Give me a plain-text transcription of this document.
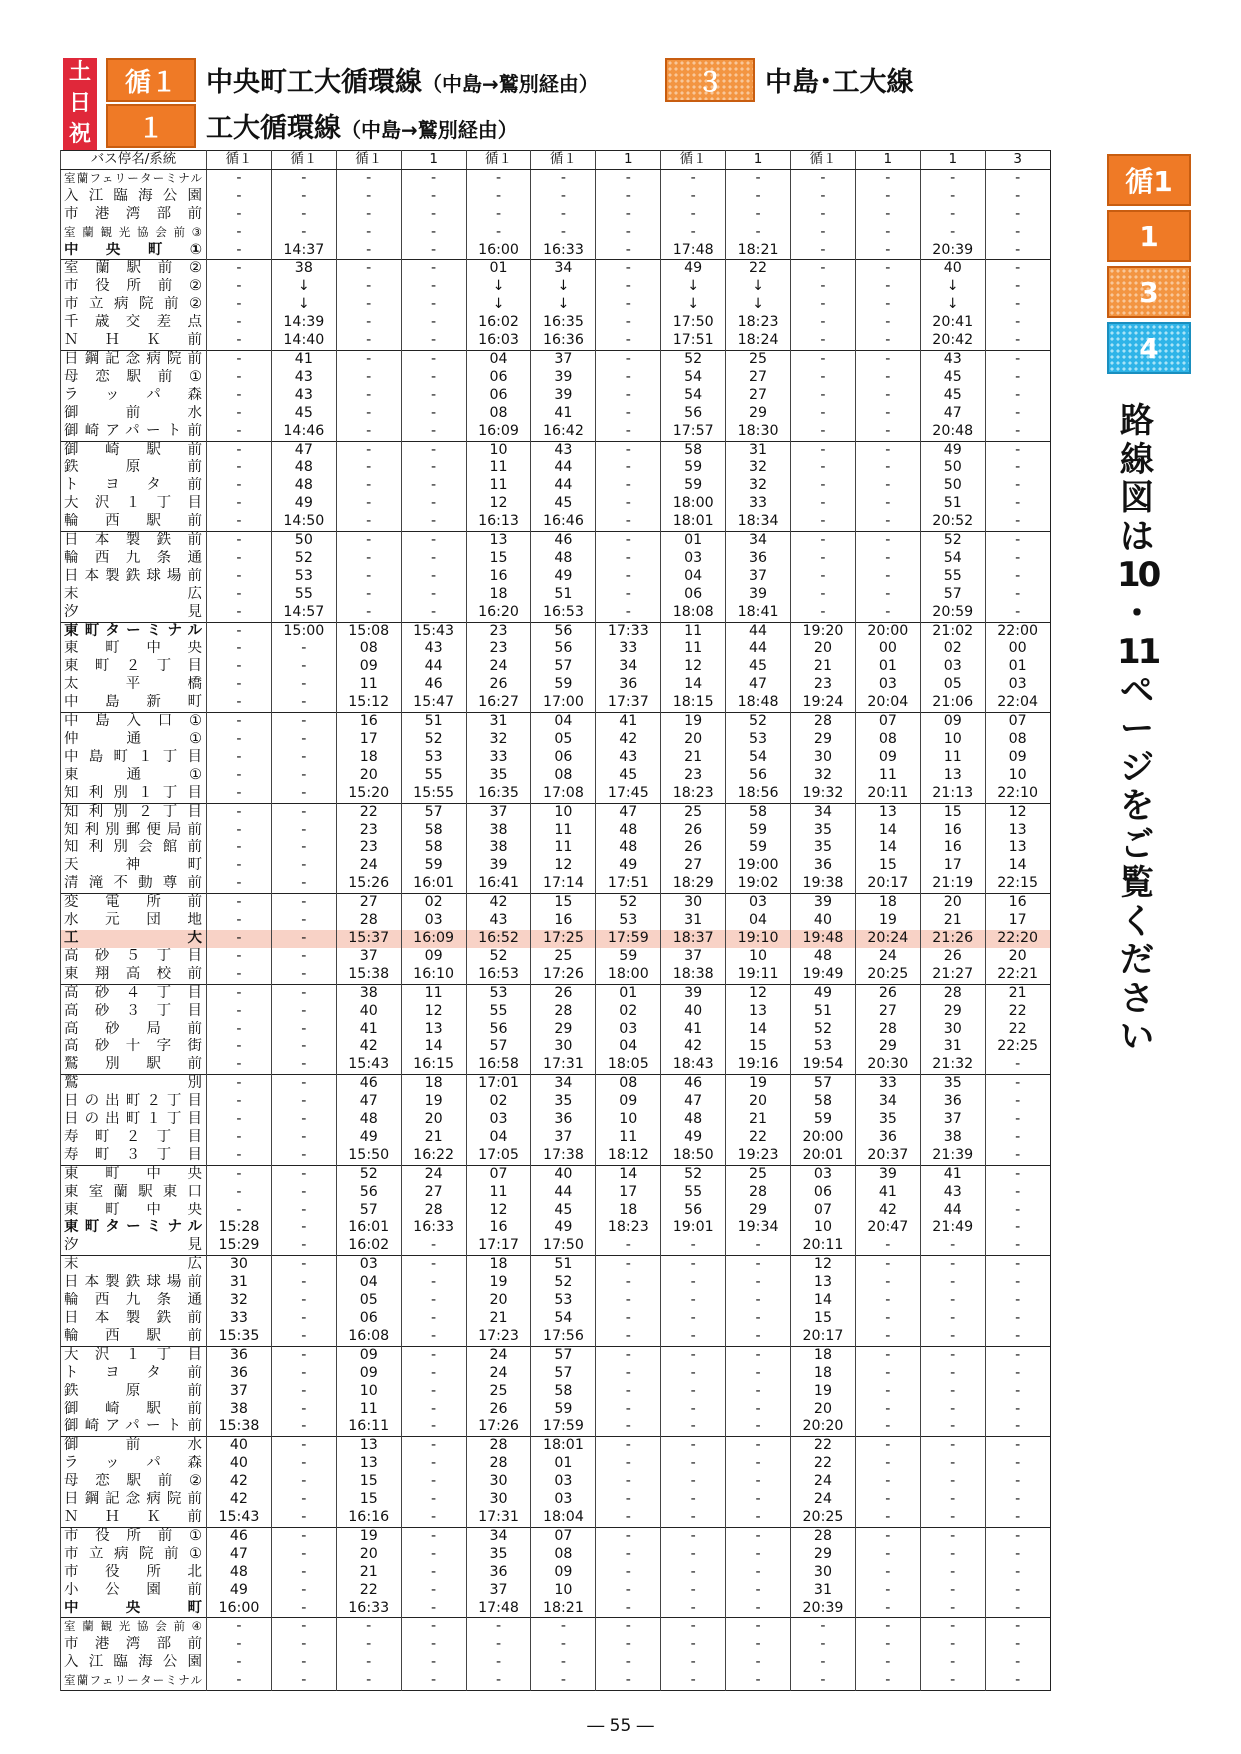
土
日
祝
循１	中央町工大循環線（中島→鷲別経由）
１	工大循環線（中島→鷲別経由）
３	中島･工大線
循1
1
3
4
路
線
図
は
10
・
11
ペ
ー
ジ
を
ご
覧
く
だ
さ
い
バス停名/系統	循１	循１	循１	1	循１	循１	1	循１	1	循１	1	1	3
室蘭フェリーターミナル	-	-	-	-	-	-	-	-	-	-	-	-	-
入江臨海公園	-	-	-	-	-	-	-	-	-	-	-	-	-
市港湾部前	-	-	-	-	-	-	-	-	-	-	-	-	-
室蘭観光協会前③	-	-	-	-	-	-	-	-	-	-	-	-	-
中 央 町 ①	-	14:37	-	-	16:00	16:33	-	17:48	18:21	-	-	20:39	-
室蘭駅前②	-	38	-	-	01	34	-	49	22	-	-	40	-
市役所前②	-	↓	-	-	↓	↓	-	↓	↓	-	-	↓	-
市立病院前②	-	↓	-	-	↓	↓	-	↓	↓	-	-	↓	-
千歳交差点	-	14:39	-	-	16:02	16:35	-	17:50	18:23	-	-	20:41	-
ＮＨＫ前	-	14:40	-	-	16:03	16:36	-	17:51	18:24	-	-	20:42	-
日鋼記念病院前	-	41	-	-	04	37	-	52	25	-	-	43	-
母恋駅前①	-	43	-	-	06	39	-	54	27	-	-	45	-
ラッパ森	-	43	-	-	06	39	-	54	27	-	-	45	-
御前水	-	45	-	-	08	41	-	56	29	-	-	47	-
御崎アパート前	-	14:46	-	-	16:09	16:42	-	17:57	18:30	-	-	20:48	-
御崎駅前	-	47	-	-	10	43	-	58	31	-	-	49	-
鉄原前	-	48	-	-	11	44	-	59	32	-	-	50	-
トヨタ前	-	48	-	-	11	44	-	59	32	-	-	50	-
大沢１丁目	-	49	-	-	12	45	-	18:00	33	-	-	51	-
輪西駅前	-	14:50	-	-	16:13	16:46	-	18:01	18:34	-	-	20:52	-
日本製鉄前	-	50	-	-	13	46	-	01	34	-	-	52	-
輪西九条通	-	52	-	-	15	48	-	03	36	-	-	54	-
日本製鉄球場前	-	53	-	-	16	49	-	04	37	-	-	55	-
末広	-	55	-	-	18	51	-	06	39	-	-	57	-
汐見	-	14:57	-	-	16:20	16:53	-	18:08	18:41	-	-	20:59	-
東町ターミナル	-	15:00	15:08	15:43	23	56	17:33	11	44	19:20	20:00	21:02	22:00
東町中央	-	-	08	43	23	56	33	11	44	20	00	02	00
東町２丁目	-	-	09	44	24	57	34	12	45	21	01	03	01
太平橋	-	-	11	46	26	59	36	14	47	23	03	05	03
中島新町	-	-	15:12	15:47	16:27	17:00	17:37	18:15	18:48	19:24	20:04	21:06	22:04
中島入口①	-	-	16	51	31	04	41	19	52	28	07	09	07
仲通①	-	-	17	52	32	05	42	20	53	29	08	10	08
中島町１丁目	-	-	18	53	33	06	43	21	54	30	09	11	09
東通①	-	-	20	55	35	08	45	23	56	32	11	13	10
知利別１丁目	-	-	15:20	15:55	16:35	17:08	17:45	18:23	18:56	19:32	20:11	21:13	22:10
知利別２丁目	-	-	22	57	37	10	47	25	58	34	13	15	12
知利別郵便局前	-	-	23	58	38	11	48	26	59	35	14	16	13
知利別会館前	-	-	23	58	38	11	48	26	59	35	14	16	13
天神町	-	-	24	59	39	12	49	27	19:00	36	15	17	14
清滝不動尊前	-	-	15:26	16:01	16:41	17:14	17:51	18:29	19:02	19:38	20:17	21:19	22:15
変電所前	-	-	27	02	42	15	52	30	03	39	18	20	16
水元団地	-	-	28	03	43	16	53	31	04	40	19	21	17
工大	-	-	15:37	16:09	16:52	17:25	17:59	18:37	19:10	19:48	20:24	21:26	22:20
高砂５丁目	-	-	37	09	52	25	59	37	10	48	24	26	20
東翔高校前	-	-	15:38	16:10	16:53	17:26	18:00	18:38	19:11	19:49	20:25	21:27	22:21
高砂４丁目	-	-	38	11	53	26	01	39	12	49	26	28	21
高砂３丁目	-	-	40	12	55	28	02	40	13	51	27	29	22
高砂局前	-	-	41	13	56	29	03	41	14	52	28	30	22
高砂十字街	-	-	42	14	57	30	04	42	15	53	29	31	22:25
鷲別駅前	-	-	15:43	16:15	16:58	17:31	18:05	18:43	19:16	19:54	20:30	21:32	-
鷲別	-	-	46	18	17:01	34	08	46	19	57	33	35	-
日の出町２丁目	-	-	47	19	02	35	09	47	20	58	34	36	-
日の出町１丁目	-	-	48	20	03	36	10	48	21	59	35	37	-
寿町２丁目	-	-	49	21	04	37	11	49	22	20:00	36	38	-
寿町３丁目	-	-	15:50	16:22	17:05	17:38	18:12	18:50	19:23	20:01	20:37	21:39	-
東町中央	-	-	52	24	07	40	14	52	25	03	39	41	-
東室蘭駅東口	-	-	56	27	11	44	17	55	28	06	41	43	-
東町中央	-	-	57	28	12	45	18	56	29	07	42	44	-
東町ターミナル	15:28	-	16:01	16:33	16	49	18:23	19:01	19:34	10	20:47	21:49	-
汐見	15:29	-	16:02	-	17:17	17:50	-	-	-	20:11	-	-	-
末広	30	-	03	-	18	51	-	-	-	12	-	-	-
日本製鉄球場前	31	-	04	-	19	52	-	-	-	13	-	-	-
輪西九条通	32	-	05	-	20	53	-	-	-	14	-	-	-
日本製鉄前	33	-	06	-	21	54	-	-	-	15	-	-	-
輪西駅前	15:35	-	16:08	-	17:23	17:56	-	-	-	20:17	-	-	-
大沢１丁目	36	-	09	-	24	57	-	-	-	18	-	-	-
トヨタ前	36	-	09	-	24	57	-	-	-	18	-	-	-
鉄原前	37	-	10	-	25	58	-	-	-	19	-	-	-
御崎駅前	38	-	11	-	26	59	-	-	-	20	-	-	-
御崎アパート前	15:38	-	16:11	-	17:26	17:59	-	-	-	20:20	-	-	-
御前水	40	-	13	-	28	18:01	-	-	-	22	-	-	-
ラッパ森	40	-	13	-	28	01	-	-	-	22	-	-	-
母恋駅前②	42	-	15	-	30	03	-	-	-	24	-	-	-
日鋼記念病院前	42	-	15	-	30	03	-	-	-	24	-	-	-
ＮＨＫ前	15:43	-	16:16	-	17:31	18:04	-	-	-	20:25	-	-	-
市役所前①	46	-	19	-	34	07	-	-	-	28	-	-	-
市立病院前①	47	-	20	-	35	08	-	-	-	29	-	-	-
市役所北	48	-	21	-	36	09	-	-	-	30	-	-	-
小公園前	49	-	22	-	37	10	-	-	-	31	-	-	-
中央町	16:00	-	16:33	-	17:48	18:21	-	-	-	20:39	-	-	-
室蘭観光協会前④	-	-	-	-	-	-	-	-	-	-	-	-	-
市港湾部前	-	-	-	-	-	-	-	-	-	-	-	-	-
入江臨海公園	-	-	-	-	-	-	-	-	-	-	-	-	-
室蘭フェリーターミナル	-	-	-	-	-	-	-	-	-	-	-	-	-
― 55 ―
